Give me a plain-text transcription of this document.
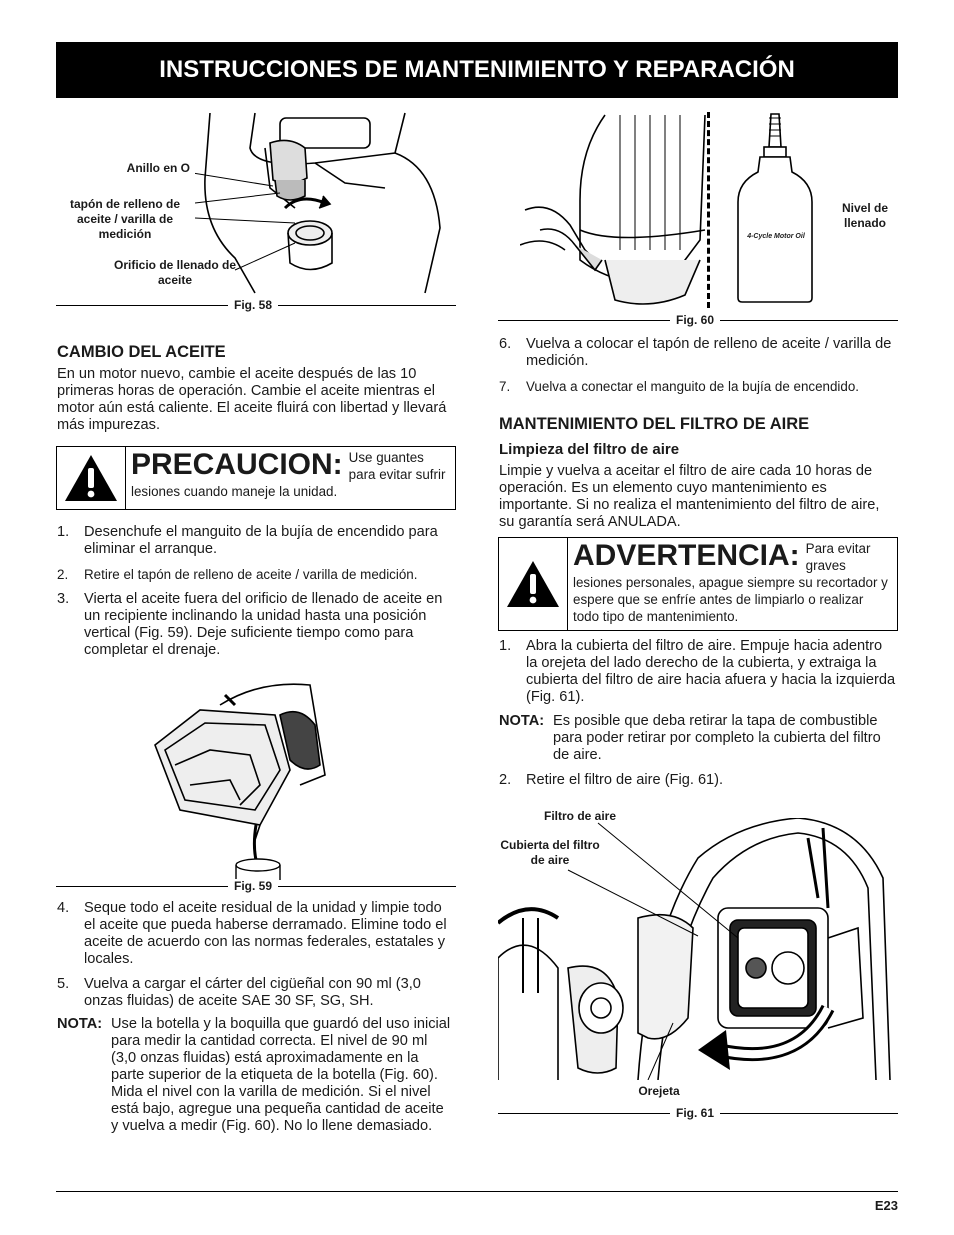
INSTRUCCIONES DE MANTENIMIENTO Y REPARACIÓN
Anillo en O
tapón de relleno de aceite / varilla de medición
Orificio de llenado de aceite
Fig. 58
CAMBIO DEL ACEITE
En un motor nuevo, cambie el aceite después de las 10 primeras horas de operación. Cambie el aceite mientras el motor aún está caliente. El aceite fluirá con libertad y llevará más impurezas.
PRECAUCION: Use guantes para evitar sufrir lesiones cuando maneje la unidad.
1. Desenchufe el manguito de la bujía de encendido para eliminar el arranque.
2. Retire el tapón de relleno de aceite / varilla de medición.
3. Vierta el aceite fuera del orificio de llenado de aceite en un recipiente inclinando la unidad hasta una posición vertical (Fig. 59). Deje suficiente tiempo como para completar el drenaje.
Fig. 59
4. Seque todo el aceite residual de la unidad y limpie todo el aceite que pueda haberse derramado. Elimine todo el aceite de acuerdo con las normas federales, estatales y locales.
5. Vuelva a cargar el cárter del cigüeñal con 90 ml (3,0 onzas fluidas) de aceite SAE 30 SF, SG, SH.
NOTA: Use la botella y la boquilla que guardó del uso inicial para medir la cantidad correcta. El nivel de 90 ml (3,0 onzas fluidas) está aproximadamente en la parte superior de la etiqueta de la botella (Fig. 60). Mida el nivel con la varilla de medición. Si el nivel está bajo, agregue una pequeña cantidad de aceite y vuelva a medir (Fig. 60). No lo llene demasiado.
4-Cycle Motor Oil
Nivel de llenado
Fig. 60
6. Vuelva a colocar el tapón de relleno de aceite / varilla de medición.
7. Vuelva a conectar el manguito de la bujía de encendido.
MANTENIMIENTO DEL FILTRO DE AIRE
Limpieza del filtro de aire
Limpie y vuelva a aceitar el filtro de aire cada 10 horas de operación. Es un elemento cuyo mantenimiento es importante. Si no realiza el mantenimiento del filtro de aire, su garantía será ANULADA.
ADVERTENCIA: Para evitar graves lesiones personales, apague siempre su recortador y espere que se enfríe antes de limpiarlo o realizar todo tipo de mantenimiento.
1. Abra la cubierta del filtro de aire. Empuje hacia adentro la orejeta del lado derecho de la cubierta, y extraiga la cubierta del filtro de aire hacia afuera y hacia la izquierda (Fig. 61).
NOTA: Es posible que deba retirar la tapa de combustible para poder retirar por completo la cubierta del filtro de aire.
2. Retire el filtro de aire (Fig. 61).
Filtro de aire
Cubierta del filtro de aire
Orejeta
Fig. 61
E23
